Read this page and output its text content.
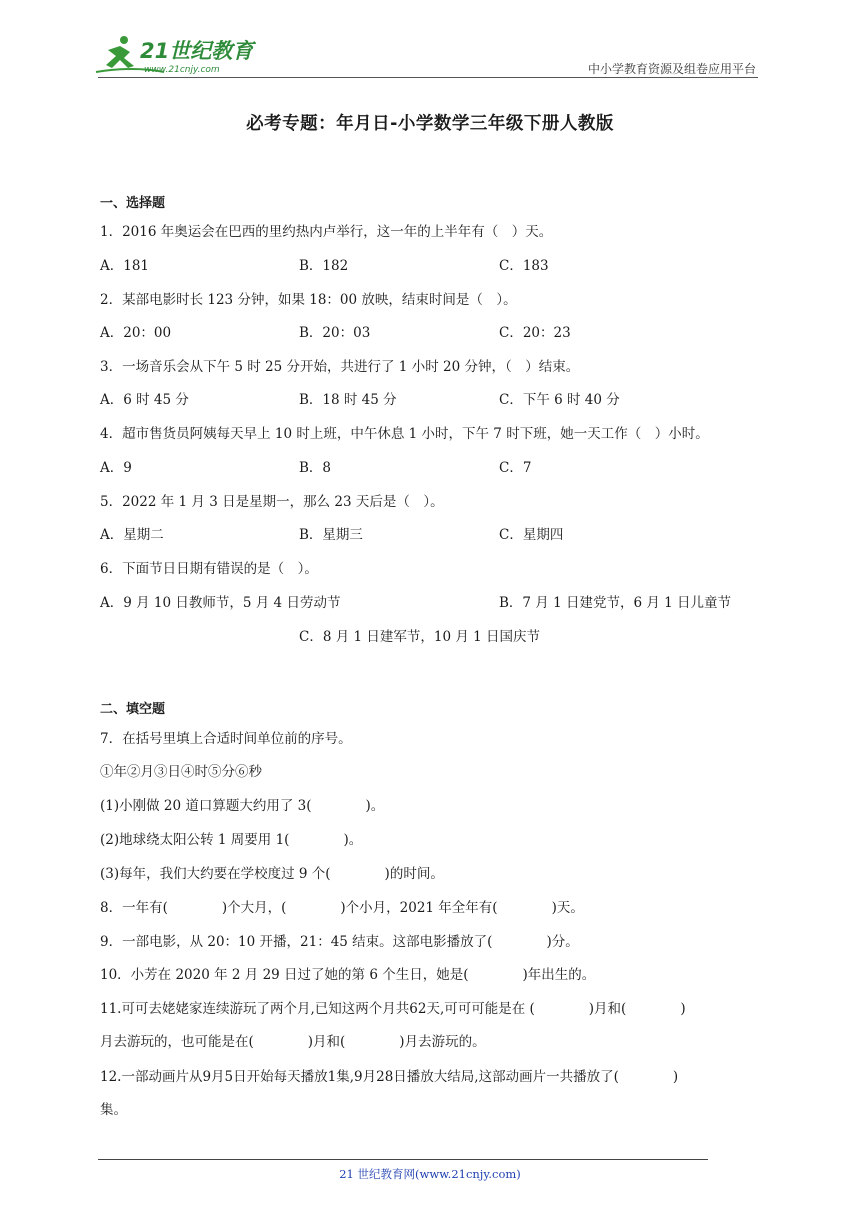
21世纪教育
www.21cnjy.com	中小学教育资源及组卷应用平台
必考专题：年月日-小学数学三年级下册人教版
一、选择题
1．2016 年奥运会在巴西的里约热内卢举行，这一年的上半年有（　）天。
A．181	B．182	C．183
2．某部电影时长 123 分钟，如果 18：00 放映，结束时间是（　）。
A．20：00	B．20：03	C．20：23
3．一场音乐会从下午 5 时 25 分开始，共进行了 1 小时 20 分钟，（　）结束。
A．6 时 45 分	B．18 时 45 分	C．下午 6 时 40 分
4．超市售货员阿姨每天早上 10 时上班，中午休息 1 小时，下午 7 时下班，她一天工作（　）小时。
A．9	B．8	C．7
5．2022 年 1 月 3 日是星期一，那么 23 天后是（　）。
A．星期二	B．星期三	C．星期四
6．下面节日日期有错误的是（　）。
A．9 月 10 日教师节，5 月 4 日劳动节	B．7 月 1 日建党节，6 月 1 日儿童节
C．8 月 1 日建军节，10 月 1 日国庆节
二、填空题
7．在括号里填上合适时间单位前的序号。
①年②月③日④时⑤分⑥秒
(1)小刚做 20 道口算题大约用了 3(　　　　)。
(2)地球绕太阳公转 1 周要用 1(　　　　)。
(3)每年，我们大约要在学校度过 9 个(　　　　)的时间。
8．一年有(　　　　)个大月，(　　　　)个小月，2021 年全年有(　　　　)天。
9．一部电影，从 20：10 开播，21：45 结束。这部电影播放了(　　　　)分。
10．小芳在 2020 年 2 月 29 日过了她的第 6 个生日，她是(　　　　)年出生的。
11.可可去姥姥家连续游玩了两个月,已知这两个月共62天,可可可能是在 (　　　　)月和(　　　　)
月去游玩的，也可能是在(　　　　)月和(　　　　)月去游玩的。
12.一部动画片从9月5日开始每天播放1集,9月28日播放大结局,这部动画片一共播放了(　　　　)
集。
21 世纪教育网(www.21cnjy.com)
